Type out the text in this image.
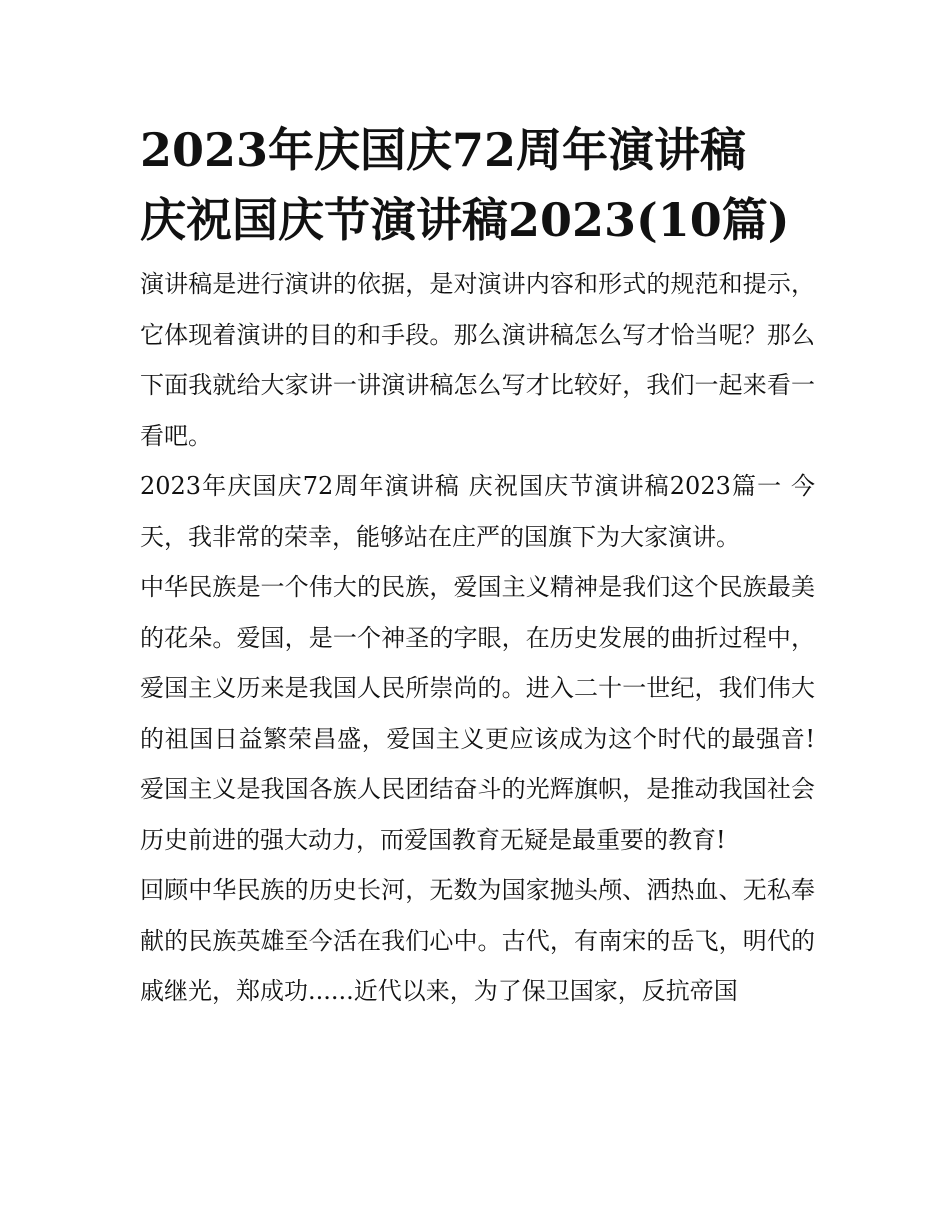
2023年庆国庆72周年演讲稿
庆祝国庆节演讲稿2023(10篇)

演讲稿是进行演讲的依据，是对演讲内容和形式的规范和提示，它体现着演讲的目的和手段。那么演讲稿怎么写才恰当呢？那么下面我就给大家讲一讲演讲稿怎么写才比较好，我们一起来看一看吧。

2023年庆国庆72周年演讲稿 庆祝国庆节演讲稿2023篇一 今天，我非常的荣幸，能够站在庄严的国旗下为大家演讲。

中华民族是一个伟大的民族，爱国主义精神是我们这个民族最美的花朵。爱国，是一个神圣的字眼，在历史发展的曲折过程中，爱国主义历来是我国人民所崇尚的。进入二十一世纪，我们伟大的祖国日益繁荣昌盛，爱国主义更应该成为这个时代的最强音!爱国主义是我国各族人民团结奋斗的光辉旗帜，是推动我国社会历史前进的强大动力，而爱国教育无疑是最重要的教育!

回顾中华民族的历史长河，无数为国家抛头颅、洒热血、无私奉献的民族英雄至今活在我们心中。古代，有南宋的岳飞，明代的戚继光，郑成功......近代以来，为了保卫国家，反抗帝国
